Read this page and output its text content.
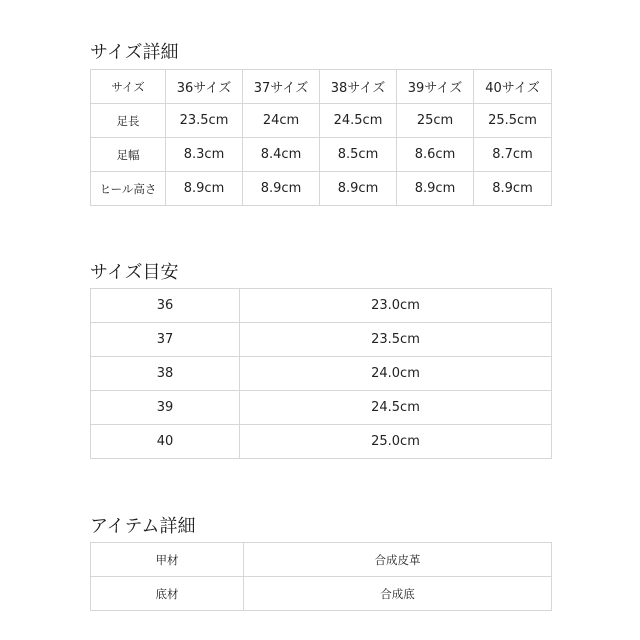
サイズ詳細
サイズ	36サイズ	37サイズ	38サイズ	39サイズ	40サイズ
足長	23.5cm	24cm	24.5cm	25cm	25.5cm
足幅	8.3cm	8.4cm	8.5cm	8.6cm	8.7cm
ヒール高さ	8.9cm	8.9cm	8.9cm	8.9cm	8.9cm
サイズ目安
36	23.0cm
37	23.5cm
38	24.0cm
39	24.5cm
40	25.0cm
アイテム詳細
甲材	合成皮革
底材	合成底
